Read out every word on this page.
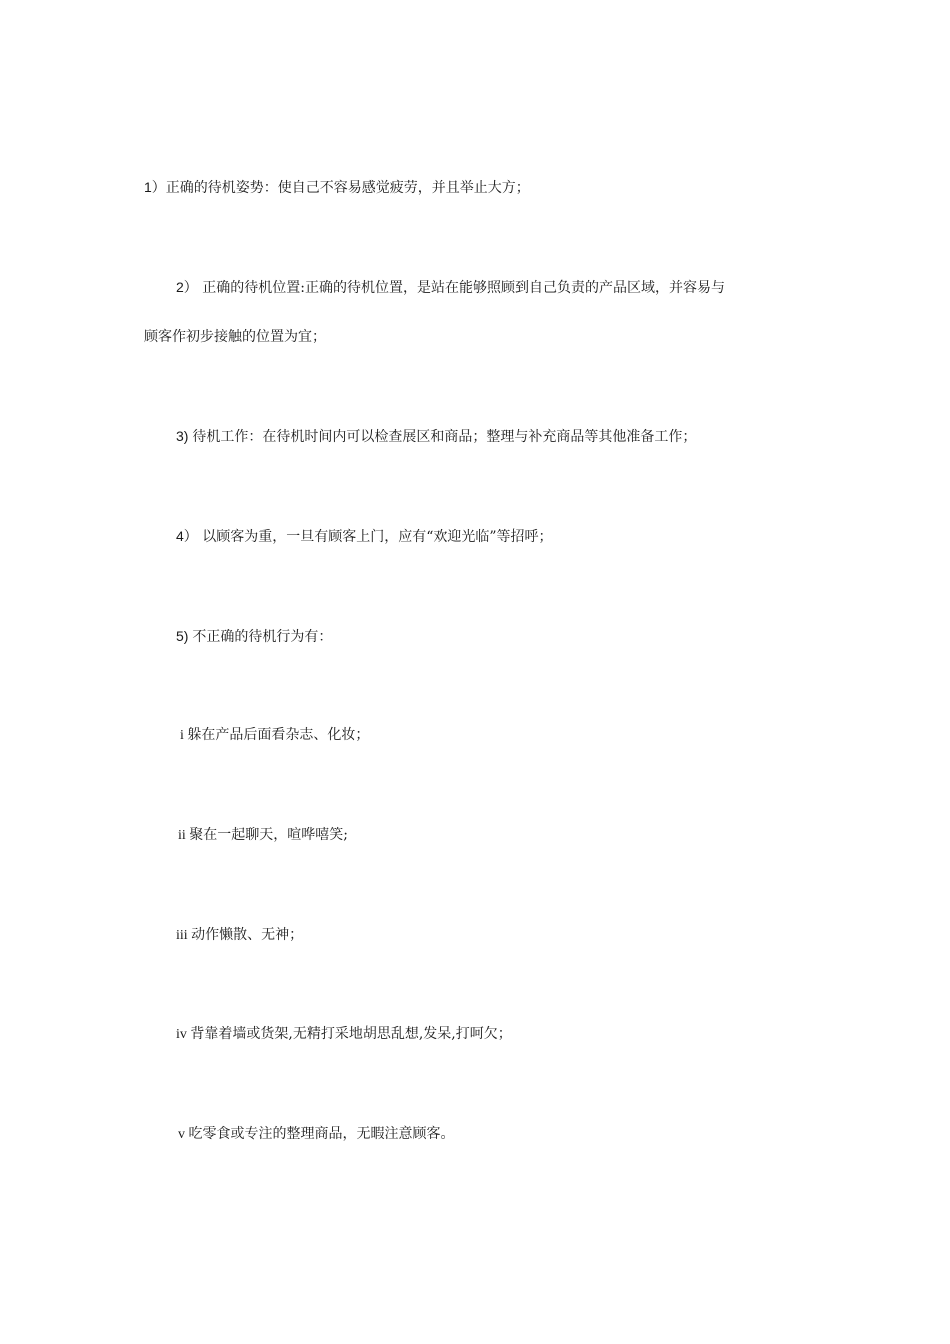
1）正确的待机姿势：使自己不容易感觉疲劳，并且举止大方；
2） 正确的待机位置:正确的待机位置，是站在能够照顾到自己负责的产品区域，并容易与
顾客作初步接触的位置为宜；
3) 待机工作：在待机时间内可以检查展区和商品；整理与补充商品等其他准备工作；
4） 以顾客为重，一旦有顾客上门，应有“欢迎光临”等招呼；
5) 不正确的待机行为有：
i 躲在产品后面看杂志、化妆；
ii 聚在一起聊天，喧哗嘻笑;
iii 动作懒散、无神；
iv 背靠着墙或货架,无精打采地胡思乱想,发呆,打呵欠；
v 吃零食或专注的整理商品，无暇注意顾客。
